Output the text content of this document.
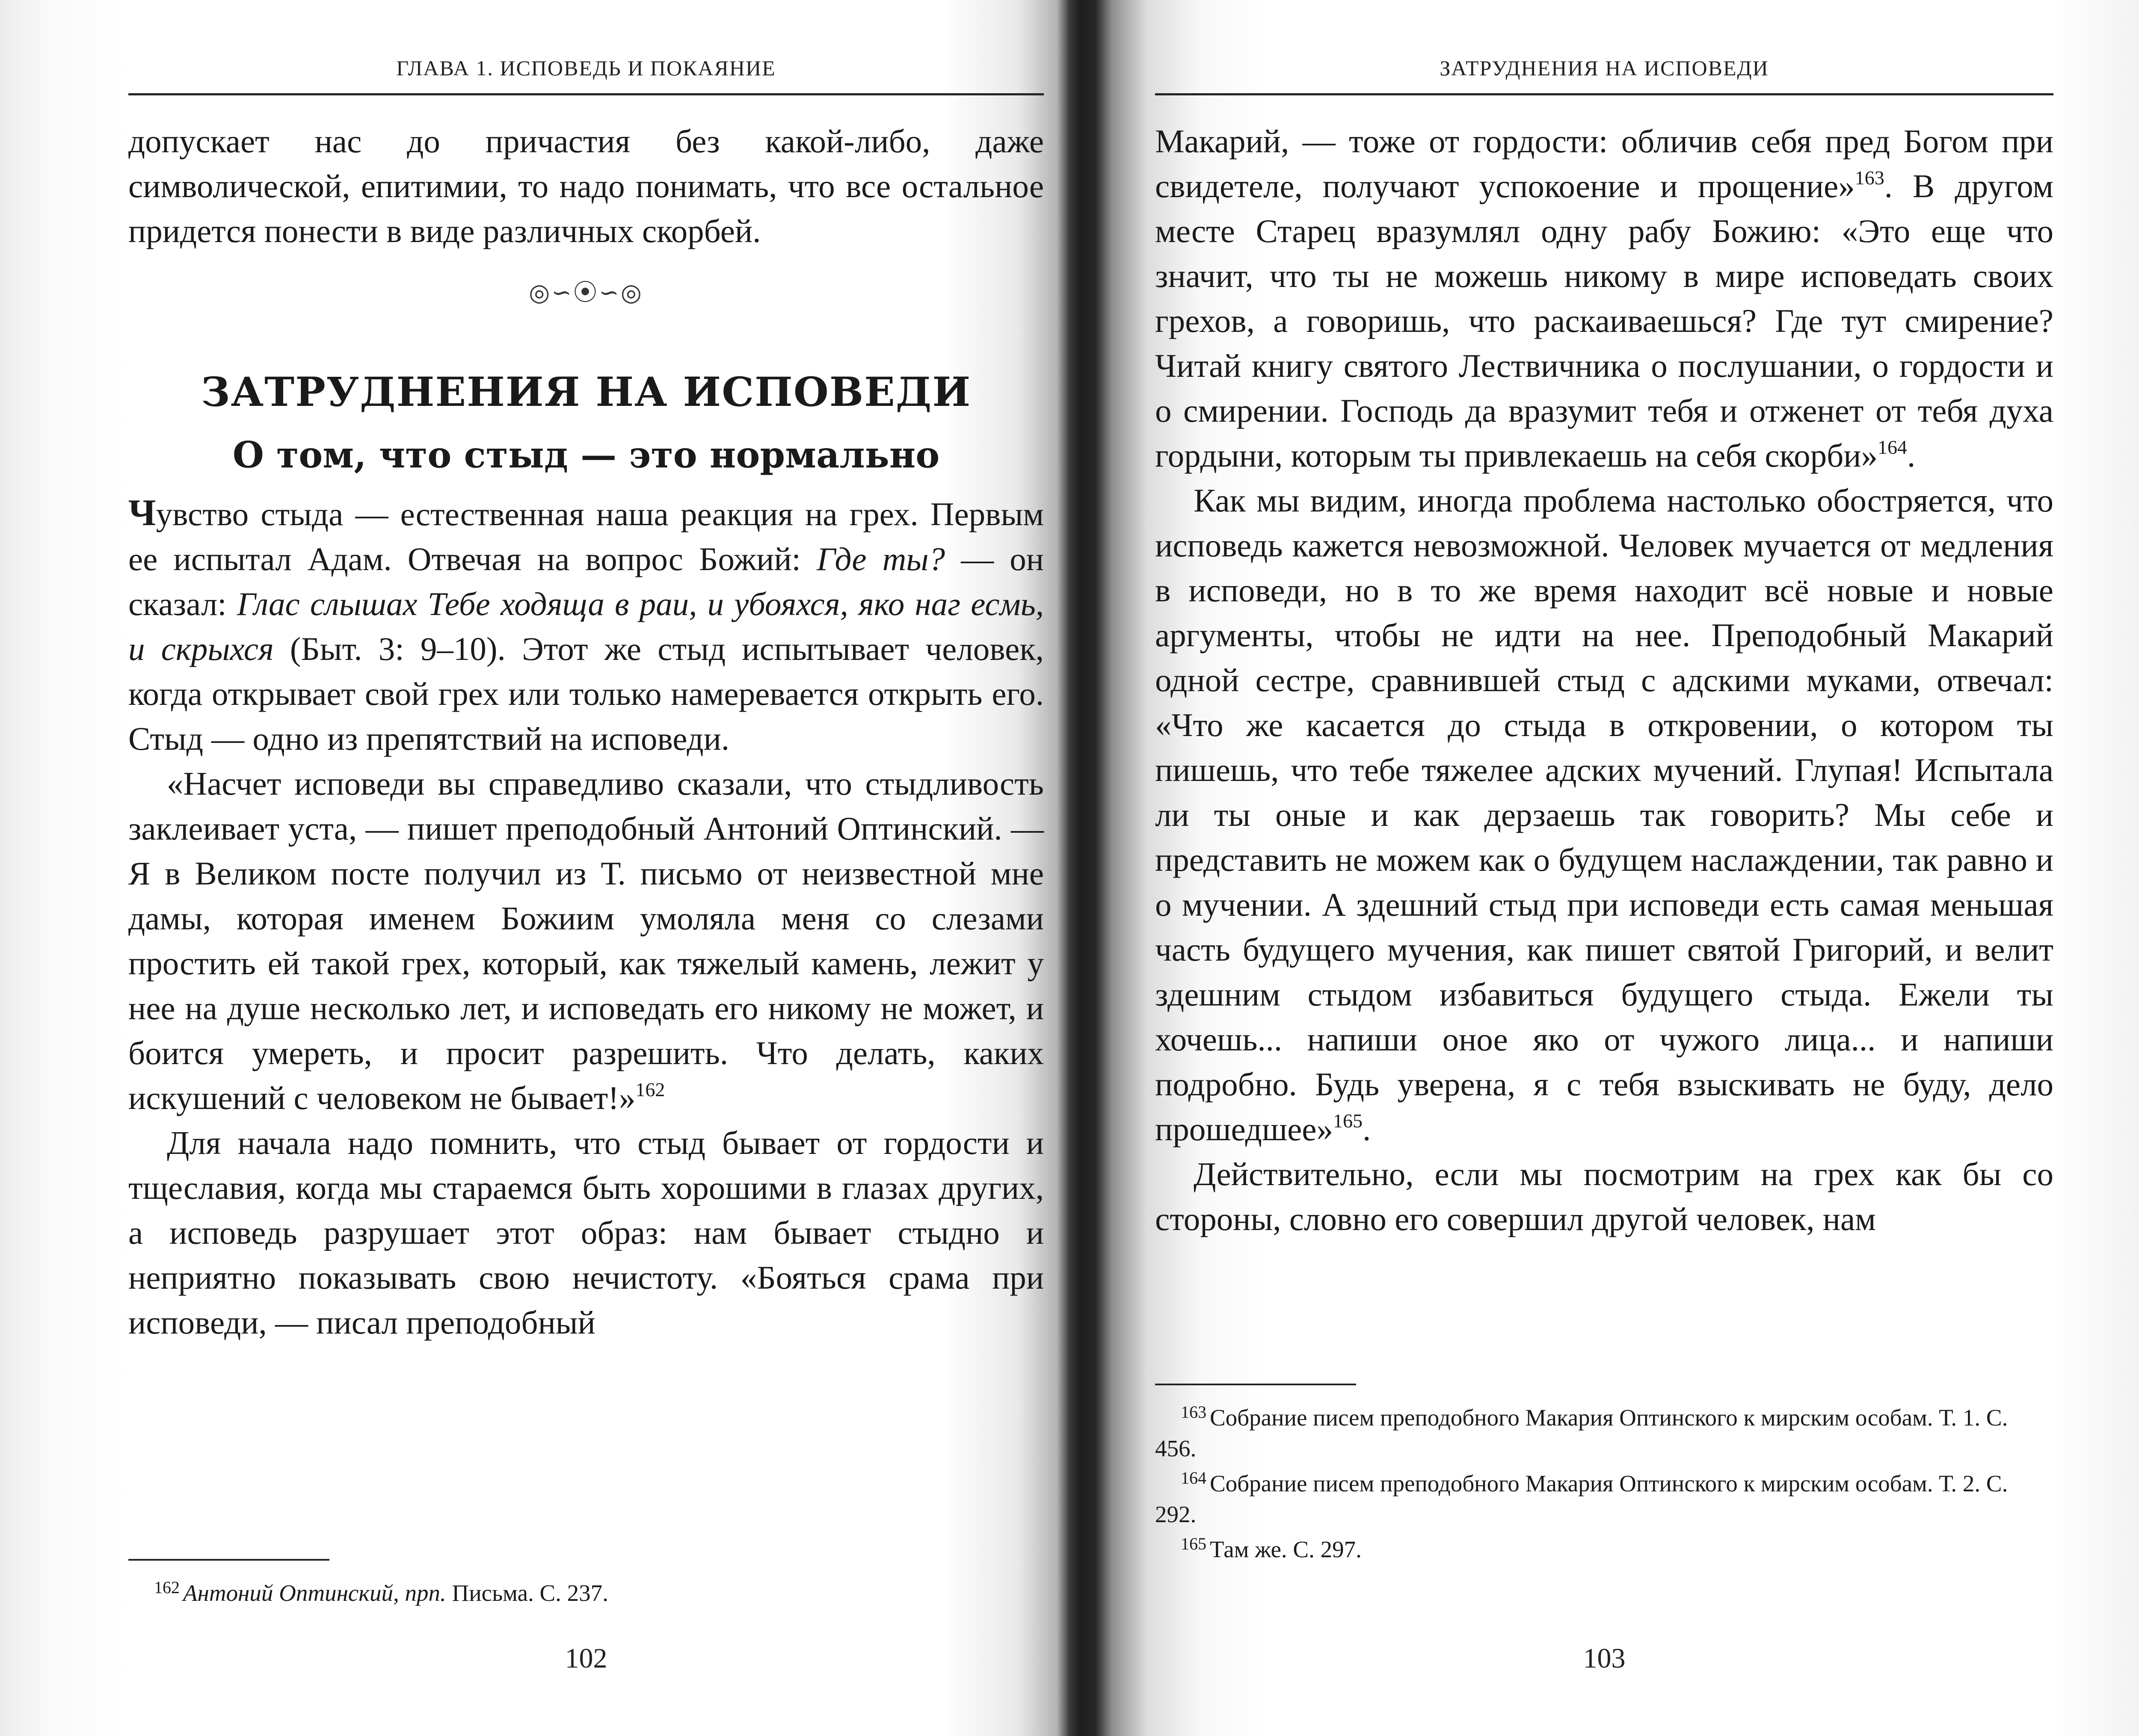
ГЛАВА 1. ИСПОВЕДЬ И ПОКАЯНИЕ

допускает нас до причастия без какой-либо, даже символической, епитимии, то надо понимать, что все остальное придется понести в виде различных скорбей.

◎∽⦿∽◎
ЗАТРУДНЕНИЯ НА ИСПОВЕДИ
О том, что стыд — это нормально

Чувство стыда — естественная наша реакция на грех. Первым ее испытал Адам. Отвечая на вопрос Божий: Где ты? — он сказал: Глас слышах Тебе ходяща в раи, и убояхся, яко наг есмь, и скрыхся (Быт. 3: 9–10). Этот же стыд испытывает человек, когда открывает свой грех или только намеревается открыть его. Стыд — одно из препятствий на исповеди.

«Насчет исповеди вы справедливо сказали, что стыдливость заклеивает уста, — пишет преподобный Антоний Оптинский. — Я в Великом посте получил из Т. письмо от неизвестной мне дамы, которая именем Божиим умоляла меня со слезами простить ей такой грех, который, как тяжелый камень, лежит у нее на душе несколько лет, и исповедать его никому не может, и боится умереть, и просит разрешить. Что делать, каких искушений с человеком не бывает!»$^{162}$

Для начала надо помнить, что стыд бывает от гордости и тщеславия, когда мы стараемся быть хорошими в глазах других, а исповедь разрушает этот образ: нам бывает стыдно и неприятно показывать свою нечистоту. «Бояться срама при исповеди, — писал преподобный

$^{162}$ Антоний Оптинский, прп. Письма. С. 237.

102
ЗАТРУДНЕНИЯ НА ИСПОВЕДИ

Макарий, — тоже от гордости: обличив себя пред Богом при свидетеле, получают успокоение и прощение»$^{163}$. В другом месте Старец вразумлял одну рабу Божию: «Это еще что значит, что ты не можешь никому в мире исповедать своих грехов, а говоришь, что раскаиваешься? Где тут смирение? Читай книгу святого Лествичника о послушании, о гордости и о смирении. Господь да вразумит тебя и отженет от тебя духа гордыни, которым ты привлекаешь на себя скорби»$^{164}$.

Как мы видим, иногда проблема настолько обостряется, что исповедь кажется невозможной. Человек мучается от медления в исповеди, но в то же время находит всё новые и новые аргументы, чтобы не идти на нее. Преподобный Макарий одной сестре, сравнившей стыд с адскими муками, отвечал: «Что же касается до стыда в откровении, о котором ты пишешь, что тебе тяжелее адских мучений. Глупая! Испытала ли ты оные и как дерзаешь так говорить? Мы себе и представить не можем как о будущем наслаждении, так равно и о мучении. А здешний стыд при исповеди есть самая меньшая часть будущего мучения, как пишет святой Григорий, и велит здешним стыдом избавиться будущего стыда. Ежели ты хочешь... напиши оное яко от чужого лица... и напиши подробно. Будь уверена, я с тебя взыскивать не буду, дело прошедшее»$^{165}$.

Действительно, если мы посмотрим на грех как бы со стороны, словно его совершил другой человек, нам

$^{163}$ Собрание писем преподобного Макария Оптинского к мирским особам. Т. 1. С. 456.

$^{164}$ Собрание писем преподобного Макария Оптинского к мирским особам. Т. 2. С. 292.

$^{165}$ Там же. С. 297.

103
